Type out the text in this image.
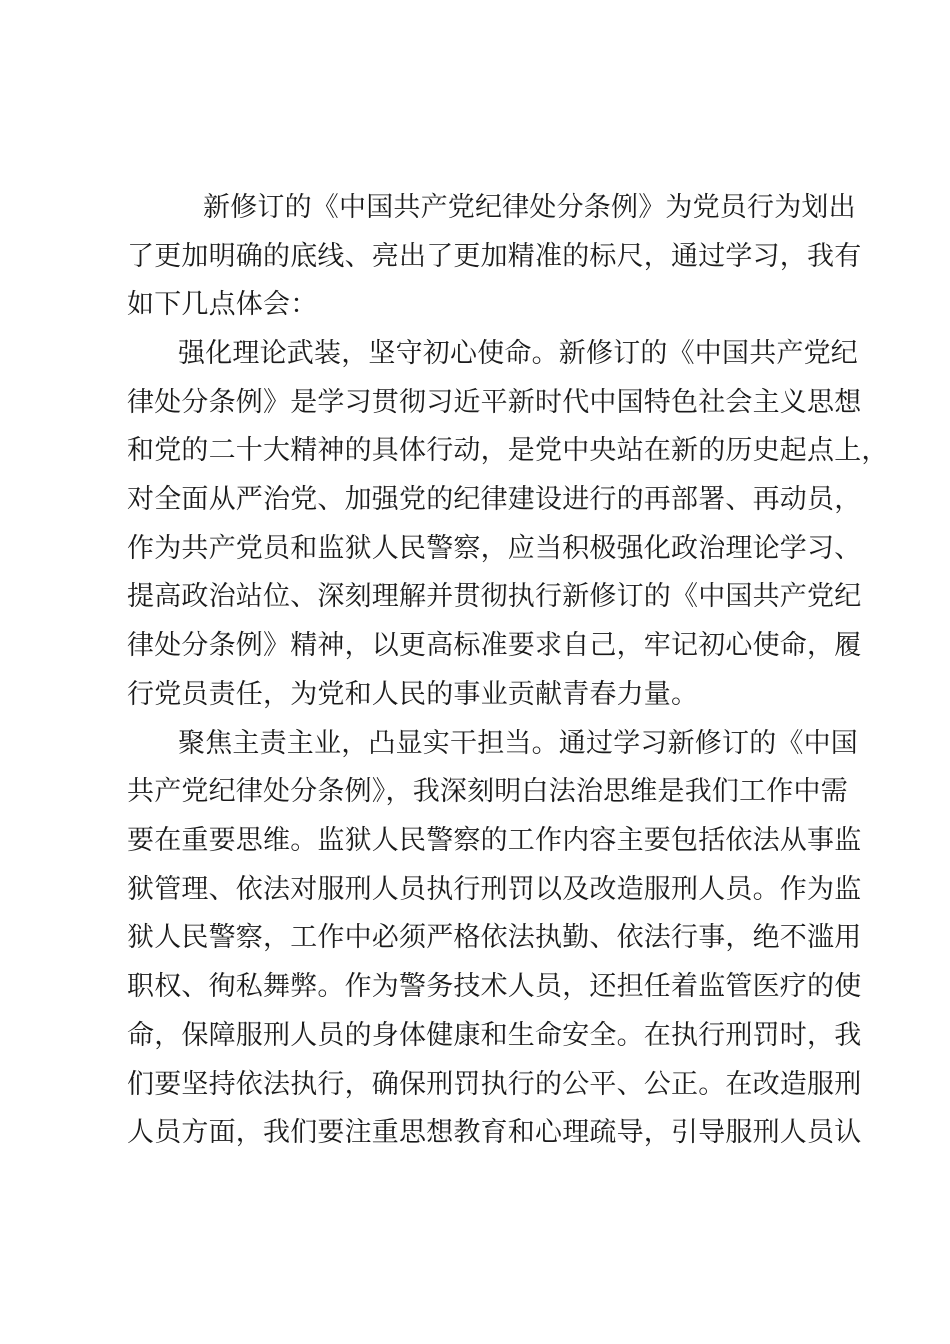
新修订的《中国共产党纪律处分条例》为党员行为划出
了更加明确的底线、亮出了更加精准的标尺，通过学习，我有
如下几点体会：
强化理论武装，坚守初心使命。新修订的《中国共产党纪
律处分条例》是学习贯彻习近平新时代中国特色社会主义思想
和党的二十大精神的具体行动，是党中央站在新的历史起点上，
对全面从严治党、加强党的纪律建设进行的再部署、再动员，
作为共产党员和监狱人民警察，应当积极强化政治理论学习、
提高政治站位、深刻理解并贯彻执行新修订的《中国共产党纪
律处分条例》精神，以更高标准要求自己，牢记初心使命，履
行党员责任，为党和人民的事业贡献青春力量。
聚焦主责主业，凸显实干担当。通过学习新修订的《中国
共产党纪律处分条例》，我深刻明白法治思维是我们工作中需
要在重要思维。监狱人民警察的工作内容主要包括依法从事监
狱管理、依法对服刑人员执行刑罚以及改造服刑人员。作为监
狱人民警察，工作中必须严格依法执勤、依法行事，绝不滥用
职权、徇私舞弊。作为警务技术人员，还担任着监管医疗的使
命，保障服刑人员的身体健康和生命安全。在执行刑罚时，我
们要坚持依法执行，确保刑罚执行的公平、公正。在改造服刑
人员方面，我们要注重思想教育和心理疏导，引导服刑人员认
